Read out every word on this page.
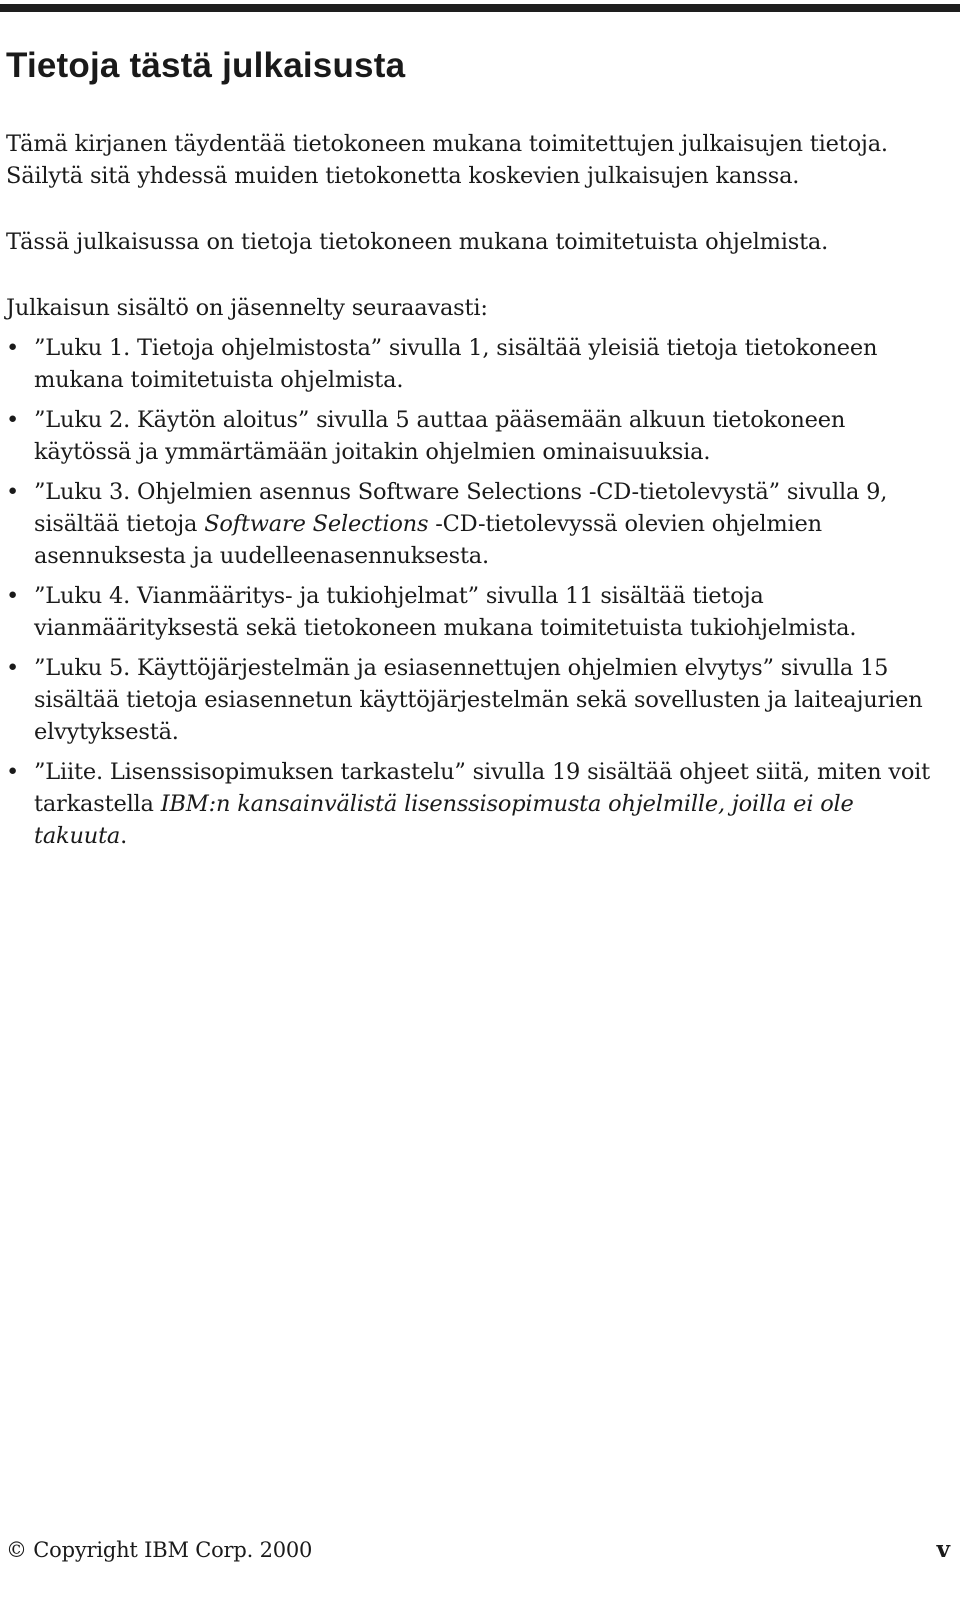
Tietoja tästä julkaisusta

Tämä kirjanen täydentää tietokoneen mukana toimitettujen julkaisujen tietoja. Säilytä sitä yhdessä muiden tietokonetta koskevien julkaisujen kanssa.

Tässä julkaisussa on tietoja tietokoneen mukana toimitetuista ohjelmista.

Julkaisun sisältö on jäsennelty seuraavasti:

• ”Luku 1. Tietoja ohjelmistosta” sivulla 1, sisältää yleisiä tietoja tietokoneen mukana toimitetuista ohjelmista.
• ”Luku 2. Käytön aloitus” sivulla 5 auttaa pääsemään alkuun tietokoneen käytössä ja ymmärtämään joitakin ohjelmien ominaisuuksia.
• ”Luku 3. Ohjelmien asennus Software Selections -CD-tietolevystä” sivulla 9, sisältää tietoja Software Selections -CD-tietolevyssä olevien ohjelmien asennuksesta ja uudelleenasennuksesta.
• ”Luku 4. Vianmääritys- ja tukiohjelmat” sivulla 11 sisältää tietoja vianmäärityksestä sekä tietokoneen mukana toimitetuista tukiohjelmista.
• ”Luku 5. Käyttöjärjestelmän ja esiasennettujen ohjelmien elvytys” sivulla 15 sisältää tietoja esiasennetun käyttöjärjestelmän sekä sovellusten ja laiteajurien elvytyksestä.
• ”Liite. Lisenssisopimuksen tarkastelu” sivulla 19 sisältää ohjeet siitä, miten voit tarkastella IBM:n kansainvälistä lisenssisopimusta ohjelmille, joilla ei ole takuuta.
© Copyright IBM Corp. 2000	v
